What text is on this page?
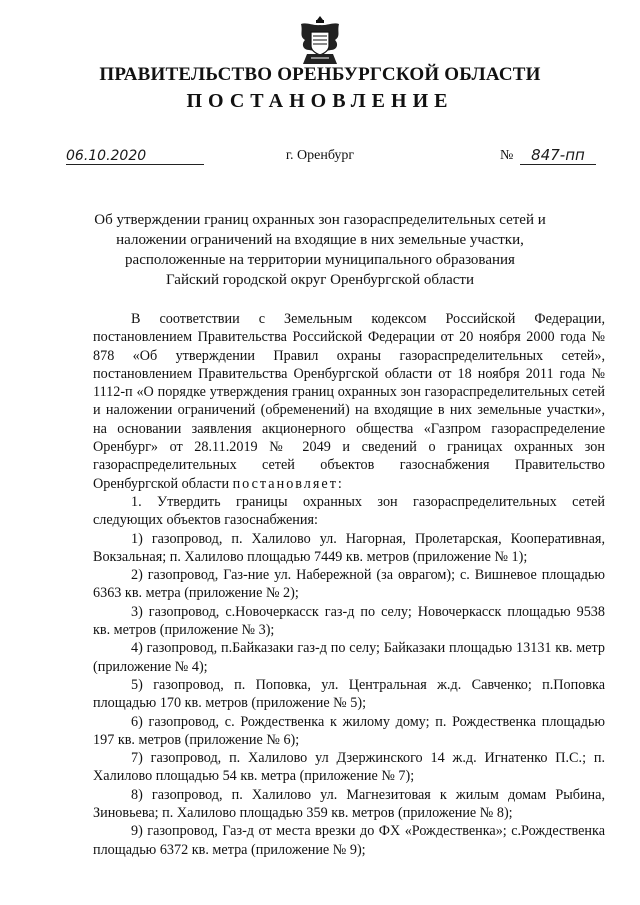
ПРАВИТЕЛЬСТВО ОРЕНБУРГСКОЙ ОБЛАСТИ
ПОСТАНОВЛЕНИЕ
06.10.2020	г. Оренбург	№	847-пп
Об утверждении границ охранных зон газораспределительных сетей и
наложении ограничений на входящие в них земельные участки,
расположенные на территории муниципального образования
Гайский городской округ Оренбургской области

В соответствии с Земельным кодексом Российской Федерации, постановлением Правительства Российской Федерации от 20 ноября 2000 года № 878 «Об утверждении Правил охраны газораспределительных сетей», постановлением Правительства Оренбургской области от 18 ноября 2011 года № 1112-п «О порядке утверждения границ охранных зон газораспределительных сетей и наложении ограничений (обременений) на входящие в них земельные участки», на основании заявления акционерного общества «Газпром газораспределение Оренбург» от 28.11.2019 № 2049 и сведений о границах охранных зон газораспределительных сетей объектов газоснабжения Правительство Оренбургской области постановляет:

1. Утвердить границы охранных зон газораспределительных сетей следующих объектов газоснабжения:

1) газопровод, п. Халилово ул. Нагорная, Пролетарская, Кооперативная, Вокзальная; п. Халилово площадью 7449 кв. метров (приложение № 1);

2) газопровод, Газ-ние ул. Набережной (за оврагом); с. Вишневое площадью 6363 кв. метра (приложение № 2);

3) газопровод, с.Новочеркасск газ-д по селу; Новочеркасск площадью 9538 кв. метров (приложение № 3);

4) газопровод, п.Байказаки газ-д по селу; Байказаки площадью 13131 кв. метр (приложение № 4);

5) газопровод, п. Поповка, ул. Центральная ж.д. Савченко; п.Поповка площадью 170 кв. метров (приложение № 5);

6) газопровод, с. Рождественка к жилому дому; п. Рождественка площадью 197 кв. метров (приложение № 6);

7) газопровод, п. Халилово ул Дзержинского 14 ж.д. Игнатенко П.С.; п. Халилово площадью 54 кв. метра (приложение № 7);

8) газопровод, п. Халилово ул. Магнезитовая к жилым домам Рыбина, Зиновьева; п. Халилово площадью 359 кв. метров (приложение № 8);

9) газопровод, Газ-д от места врезки до ФХ «Рождественка»; с.Рождественка площадью 6372 кв. метра (приложение № 9);
